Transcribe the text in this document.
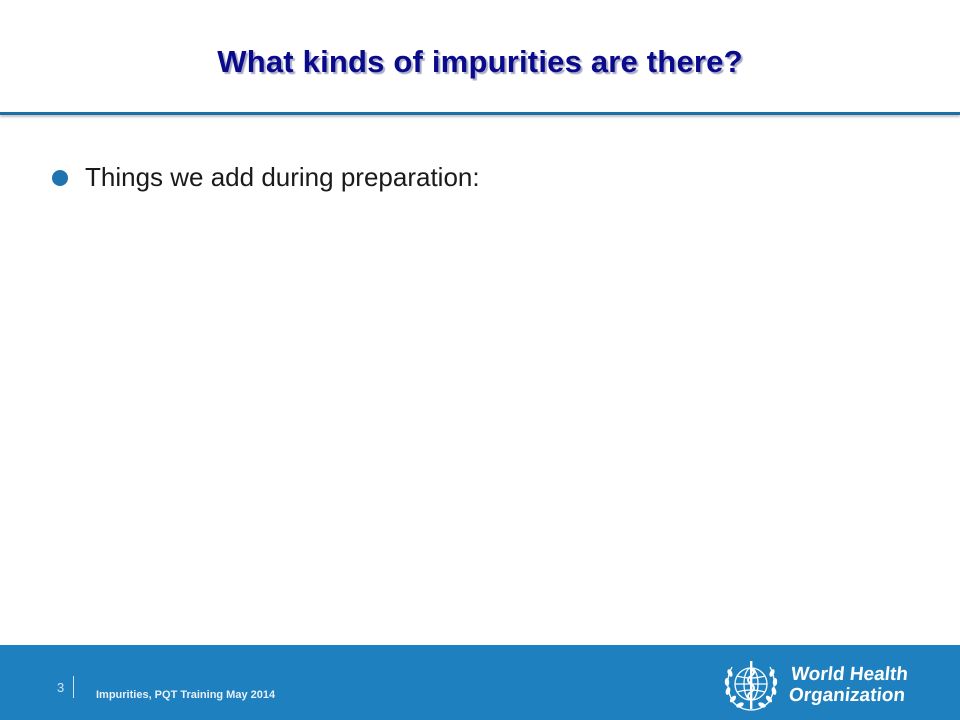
What kinds of impurities are there?
Things we add during preparation:
3	Impurities, PQT Training May 2014
World Health
Organization
